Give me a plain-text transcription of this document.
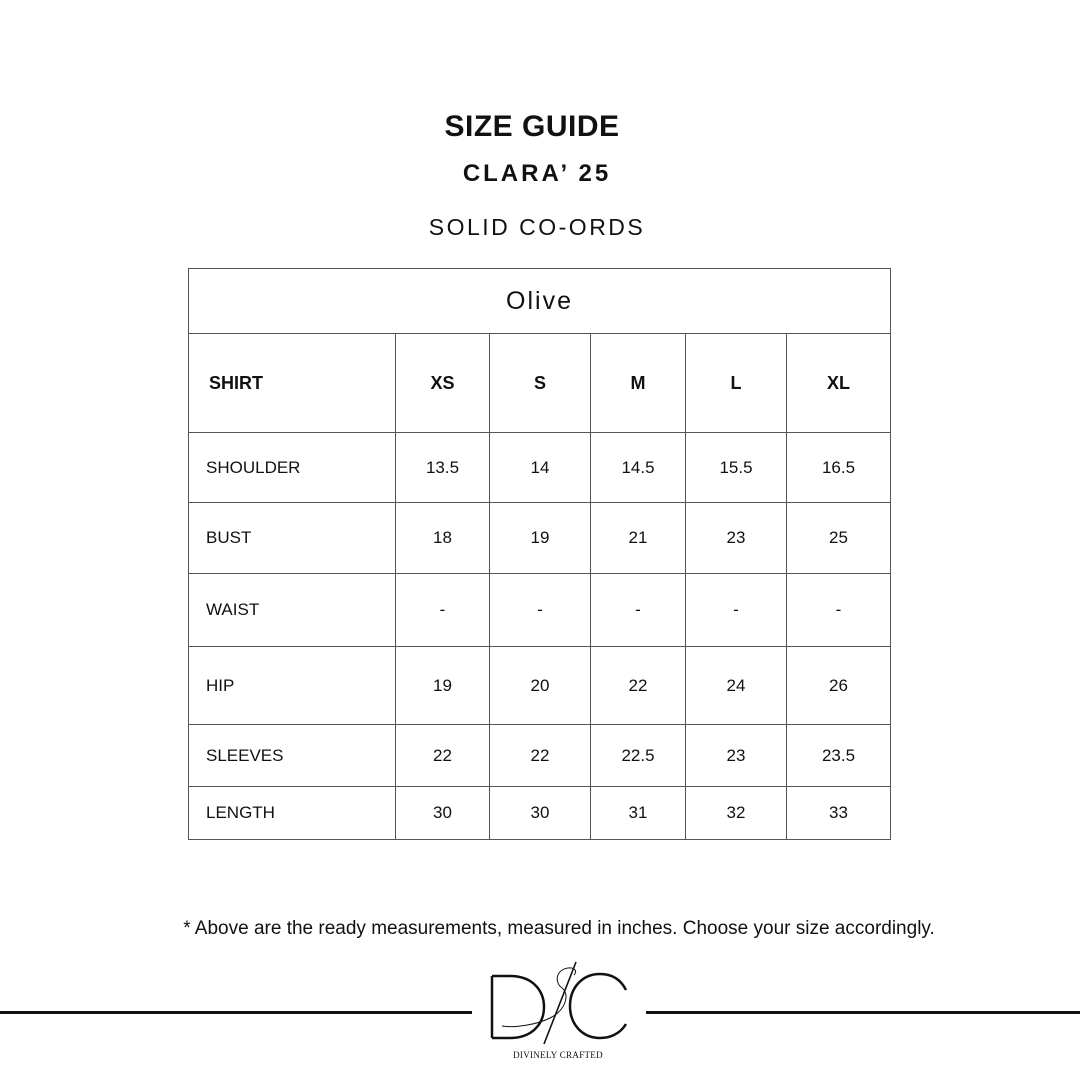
SIZE GUIDE
CLARA’ 25
SOLID CO-ORDS
Olive					
SHIRT	XS	S	M	L	XL
SHOULDER	13.5	14	14.5	15.5	16.5
BUST	18	19	21	23	25
WAIST	-	-	-	-	-
HIP	19	20	22	24	26
SLEEVES	22	22	22.5	23	23.5
LENGTH	30	30	31	32	33
* Above are the ready measurements, measured in inches. Choose your size accordingly.
DIVINELY CRAFTED
